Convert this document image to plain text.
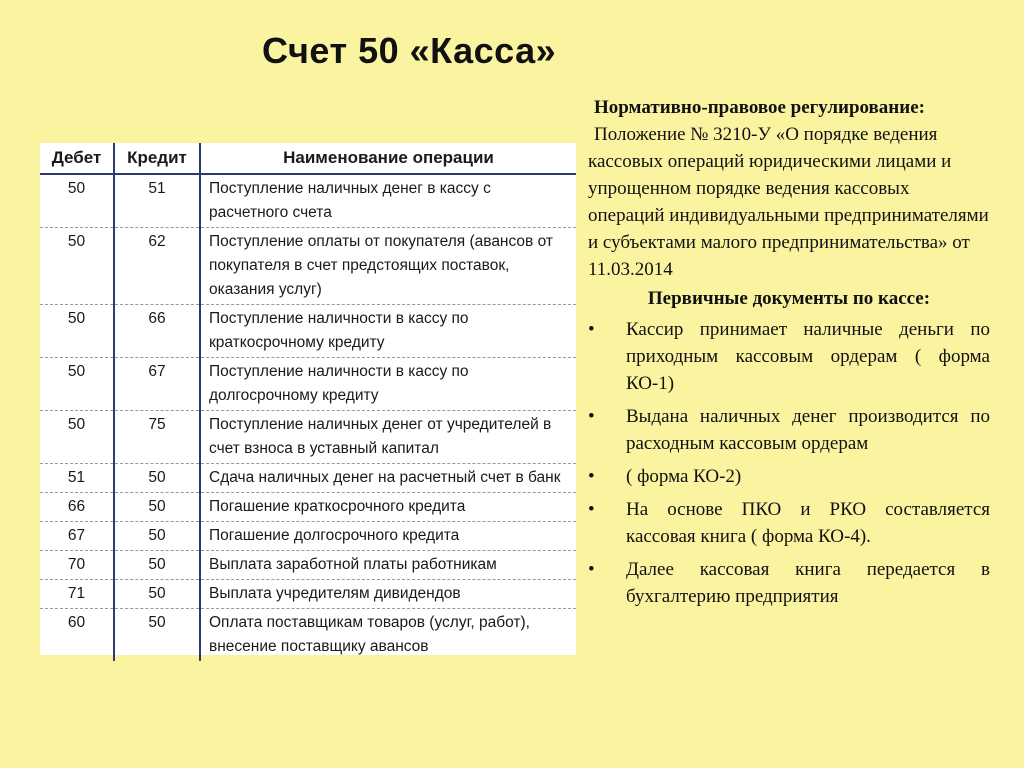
Счет 50 «Касса»
Дебет	Кредит	Наименование операции
50	51	Поступление наличных денег в кассу с расчетного счета
50	62	Поступление оплаты от покупателя (авансов от покупателя в счет предстоящих поставок, оказания услуг)
50	66	Поступление наличности в кассу по краткосрочному кредиту
50	67	Поступление наличности в кассу по долгосрочному кредиту
50	75	Поступление наличных денег от учредителей в счет взноса в уставный капитал
51	50	Сдача наличных денег на расчетный счет в банк
66	50	Погашение краткосрочного кредита
67	50	Погашение долгосрочного кредита
70	50	Выплата заработной платы работникам
71	50	Выплата учредителям дивидендов
60	50	Оплата поставщикам товаров (услуг, работ), внесение поставщику авансов
Нормативно-правовое регулирование:
Положение № 3210-У «О порядке ведения кассовых операций юридическими лицами и упрощенном порядке ведения кассовых операций индивидуальными предпринимателями и субъектами малого предпринимательства» от 11.03.2014
Первичные документы по кассе:
• Кассир принимает наличные деньги по приходным кассовым ордерам ( форма КО-1)
• Выдана наличных денег производится по расходным кассовым ордерам
• ( форма КО-2)
• На основе ПКО и РКО составляется кассовая книга ( форма КО-4).
• Далее кассовая книга передается в бухгалтерию предприятия
